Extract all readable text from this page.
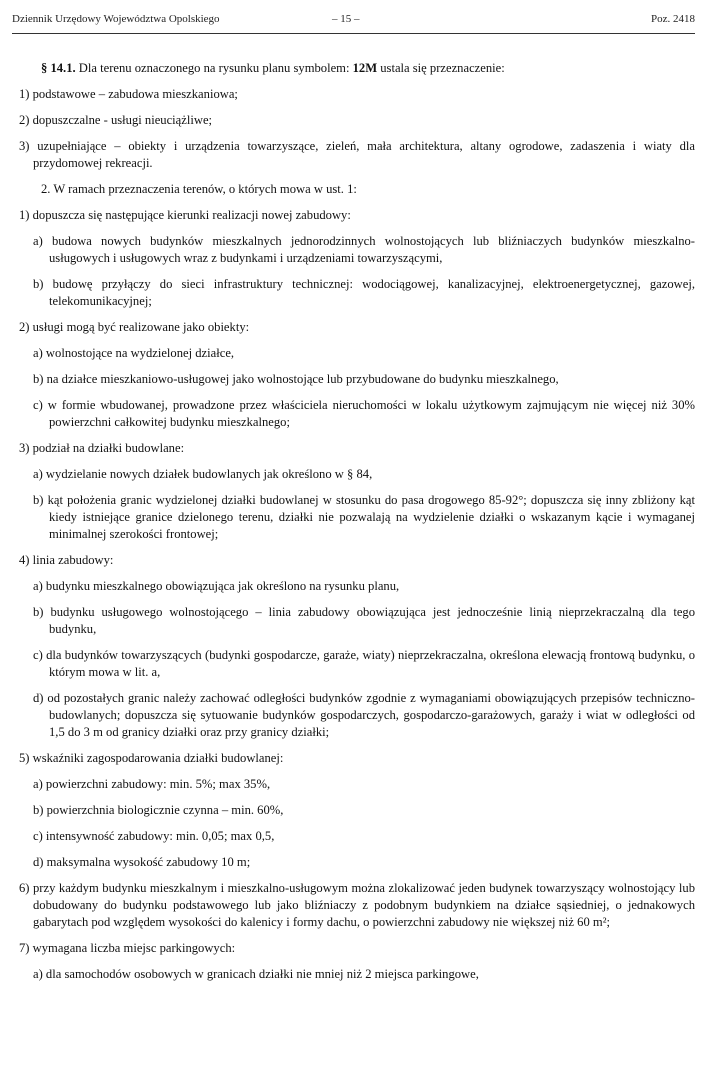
Dziennik Urzędowy Województwa Opolskiego	– 15 –	Poz. 2418

§ 14.1. Dla terenu oznaczonego na rysunku planu symbolem: 12M ustala się przeznaczenie:

1) podstawowe – zabudowa mieszkaniowa;

2) dopuszczalne - usługi nieuciążliwe;

3) uzupełniające – obiekty i urządzenia towarzyszące, zieleń, mała architektura, altany ogrodowe, zadaszenia i wiaty dla przydomowej rekreacji.

2. W ramach przeznaczenia terenów, o których mowa w ust. 1:

1) dopuszcza się następujące kierunki realizacji nowej zabudowy:

a) budowa nowych budynków mieszkalnych jednorodzinnych wolnostojących lub bliźniaczych budynków mieszkalno-usługowych i usługowych wraz z budynkami i urządzeniami towarzyszącymi,

b) budowę przyłączy do sieci infrastruktury technicznej: wodociągowej, kanalizacyjnej, elektroenergetycznej, gazowej, telekomunikacyjnej;

2) usługi mogą być realizowane jako obiekty:

a) wolnostojące na wydzielonej działce,

b) na działce mieszkaniowo-usługowej jako wolnostojące lub przybudowane do budynku mieszkalnego,

c) w formie wbudowanej, prowadzone przez właściciela nieruchomości w lokalu użytkowym zajmującym nie więcej niż 30% powierzchni całkowitej budynku mieszkalnego;

3) podział na działki budowlane:

a) wydzielanie nowych działek budowlanych jak określono w § 84,

b) kąt położenia granic wydzielonej działki budowlanej w stosunku do pasa drogowego 85-92°; dopuszcza się inny zbliżony kąt kiedy istniejące granice dzielonego terenu, działki nie pozwalają na wydzielenie działki o wskazanym kącie i wymaganej minimalnej szerokości frontowej;

4) linia zabudowy:

a) budynku mieszkalnego obowiązująca jak określono na rysunku planu,

b) budynku usługowego wolnostojącego – linia zabudowy obowiązująca jest jednocześnie linią nieprzekraczalną dla tego budynku,

c) dla budynków towarzyszących (budynki gospodarcze, garaże, wiaty) nieprzekraczalna, określona elewacją frontową budynku, o którym mowa w lit. a,

d) od pozostałych granic należy zachować odległości budynków zgodnie z wymaganiami obowiązujących przepisów techniczno-budowlanych; dopuszcza się sytuowanie budynków gospodarczych, gospodarczo-garażowych, garaży i wiat w odległości od 1,5 do 3 m od granicy działki oraz przy granicy działki;

5) wskaźniki zagospodarowania działki budowlanej:

a) powierzchni zabudowy: min. 5%; max 35%,

b) powierzchnia biologicznie czynna – min. 60%,

c) intensywność zabudowy: min. 0,05; max 0,5,

d) maksymalna wysokość zabudowy 10 m;

6) przy każdym budynku mieszkalnym i mieszkalno-usługowym można zlokalizować jeden budynek towarzyszący wolnostojący lub dobudowany do budynku podstawowego lub jako bliźniaczy z podobnym budynkiem na działce sąsiedniej, o jednakowych gabarytach pod względem wysokości do kalenicy i formy dachu, o powierzchni zabudowy nie większej niż 60 m²;

7) wymagana liczba miejsc parkingowych:

a) dla samochodów osobowych w granicach działki nie mniej niż 2 miejsca parkingowe,
